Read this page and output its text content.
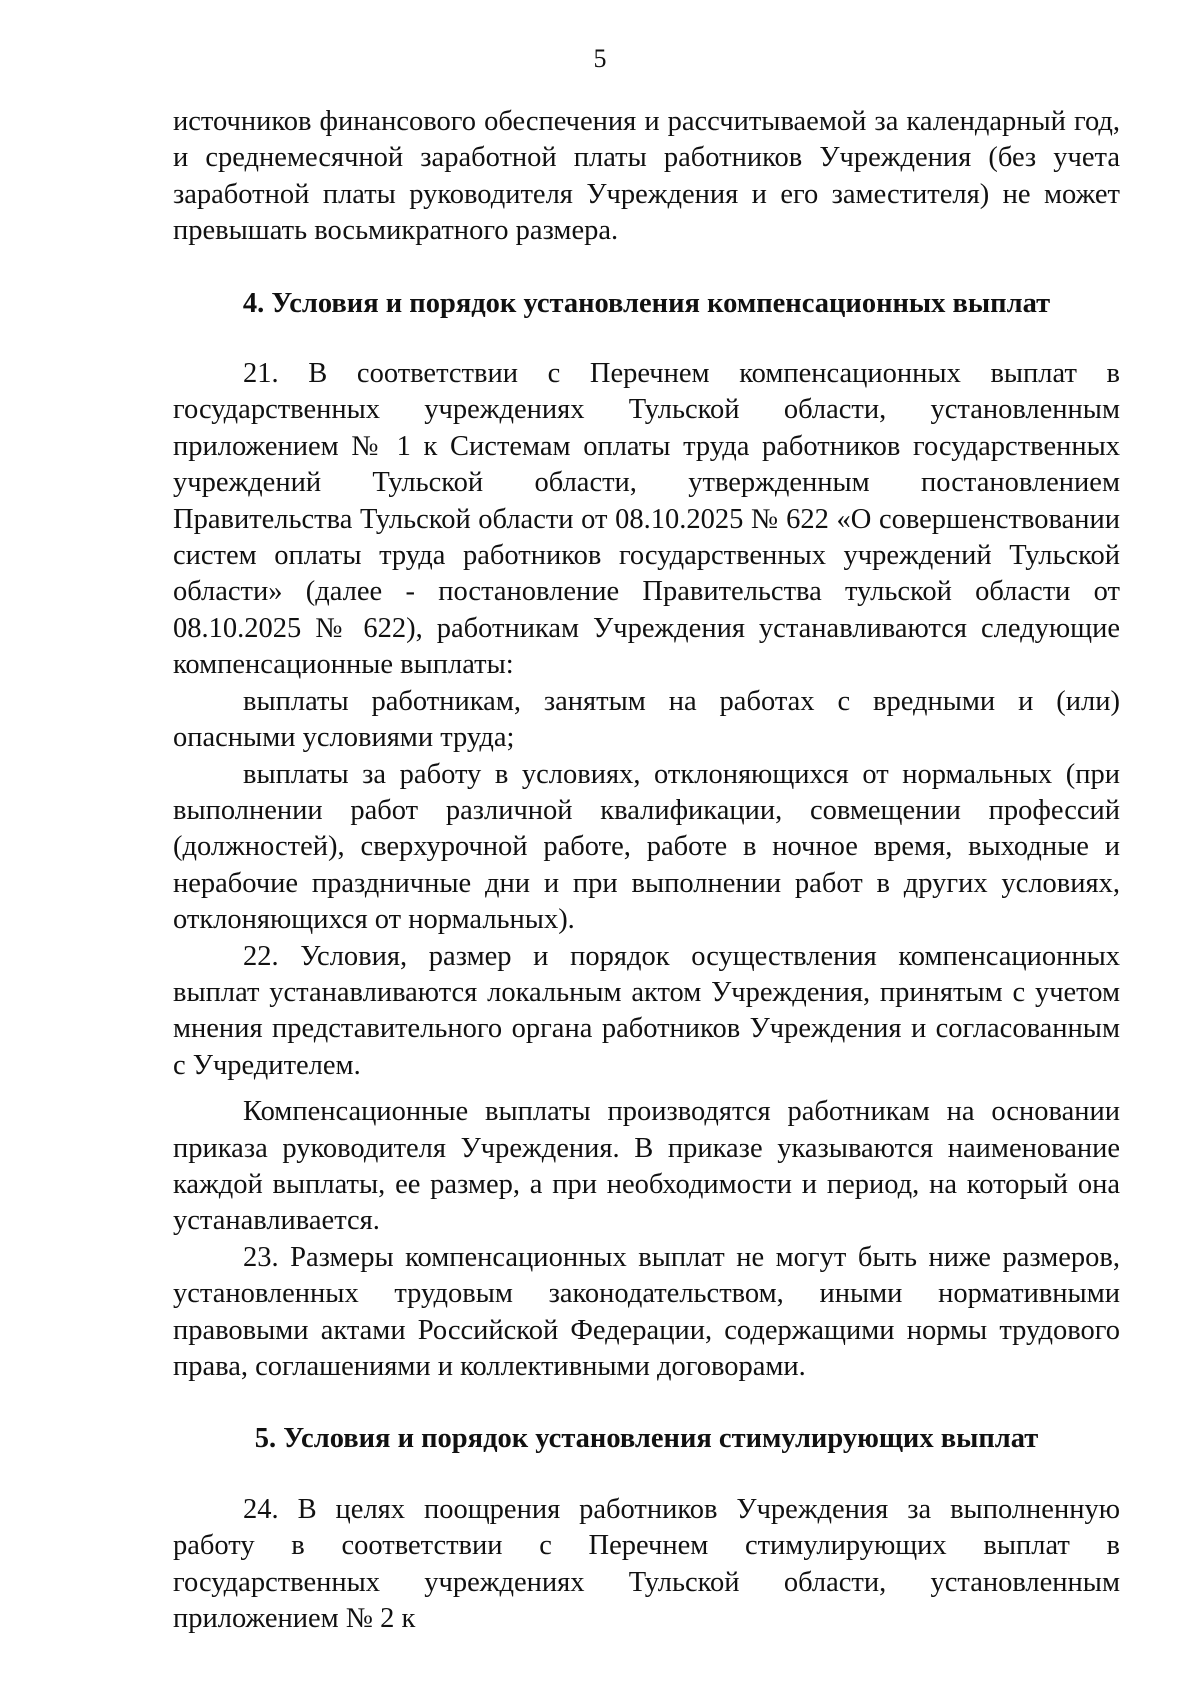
5

источников финансового обеспечения и рассчитываемой за календарный год, и среднемесячной заработной платы работников Учреждения (без учета заработной платы руководителя Учреждения и его заместителя) не может превышать восьмикратного размера.

4. Условия и порядок установления компенсационных выплат

21. В соответствии с Перечнем компенсационных выплат в государственных учреждениях Тульской области, установленным приложением № 1 к Системам оплаты труда работников государственных учреждений Тульской области, утвержденным постановлением Правительства Тульской области от 08.10.2025 № 622 «О совершенствовании систем оплаты труда работников государственных учреждений Тульской области» (далее - постановление Правительства тульской области от 08.10.2025 № 622), работникам Учреждения устанавливаются следующие компенсационные выплаты:

выплаты работникам, занятым на работах с вредными и (или) опасными условиями труда;

выплаты за работу в условиях, отклоняющихся от нормальных (при выполнении работ различной квалификации, совмещении профессий (должностей), сверхурочной работе, работе в ночное время, выходные и нерабочие праздничные дни и при выполнении работ в других условиях, отклоняющихся от нормальных).

22. Условия, размер и порядок осуществления компенсационных выплат устанавливаются локальным актом Учреждения, принятым с учетом мнения представительного органа работников Учреждения и согласованным с Учредителем.

Компенсационные выплаты производятся работникам на основании приказа руководителя Учреждения. В приказе указываются наименование каждой выплаты, ее размер, а при необходимости и период, на который она устанавливается.

23. Размеры компенсационных выплат не могут быть ниже размеров, установленных трудовым законодательством, иными нормативными правовыми актами Российской Федерации, содержащими нормы трудового права, соглашениями и коллективными договорами.

5. Условия и порядок установления стимулирующих выплат

24. В целях поощрения работников Учреждения за выполненную работу в соответствии с Перечнем стимулирующих выплат в государственных учреждениях Тульской области, установленным приложением № 2 к
